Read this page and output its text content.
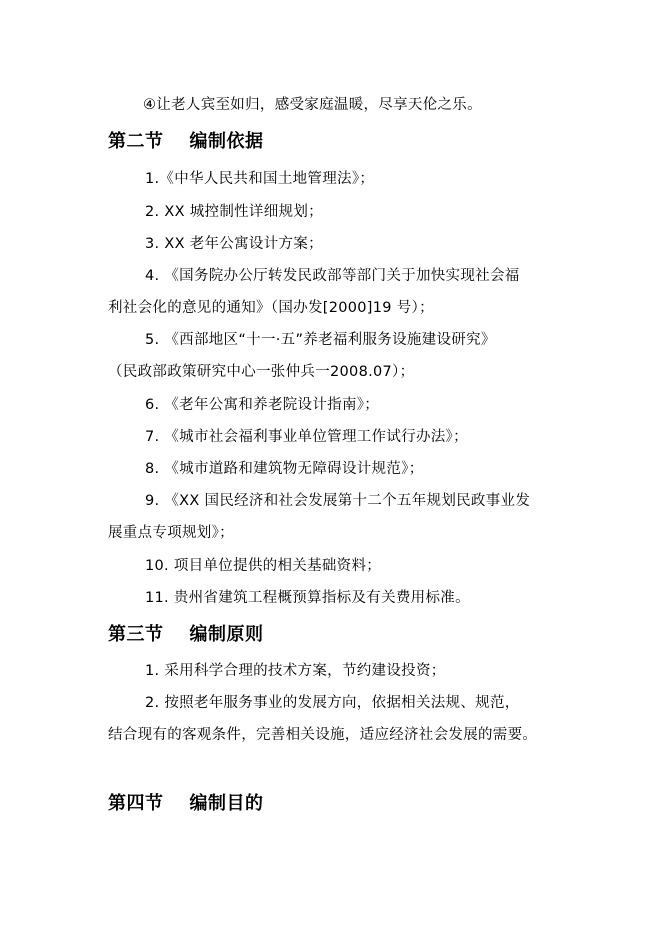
④让老人宾至如归，感受家庭温暖，尽享天伦之乐。
第二节 编制依据
1.《中华人民共和国土地管理法》；
2. XX 城控制性详细规划；
3. XX 老年公寓设计方案；
4. 《国务院办公厅转发民政部等部门关于加快实现社会福
利社会化的意见的通知》（国办发[2000]19 号）；
5. 《西部地区“十一·五”养老福利服务设施建设研究》
（民政部政策研究中心一张仲兵一2008.07）；
6. 《老年公寓和养老院设计指南》；
7. 《城市社会福利事业单位管理工作试行办法》；
8. 《城市道路和建筑物无障碍设计规范》；
9. 《XX 国民经济和社会发展第十二个五年规划民政事业发
展重点专项规划》；
10. 项目单位提供的相关基础资料；
11. 贵州省建筑工程概预算指标及有关费用标准。
第三节 编制原则
1. 采用科学合理的技术方案，节约建设投资；
2. 按照老年服务事业的发展方向，依据相关法规、规范，
结合现有的客观条件，完善相关设施，适应经济社会发展的需要。
第四节 编制目的
